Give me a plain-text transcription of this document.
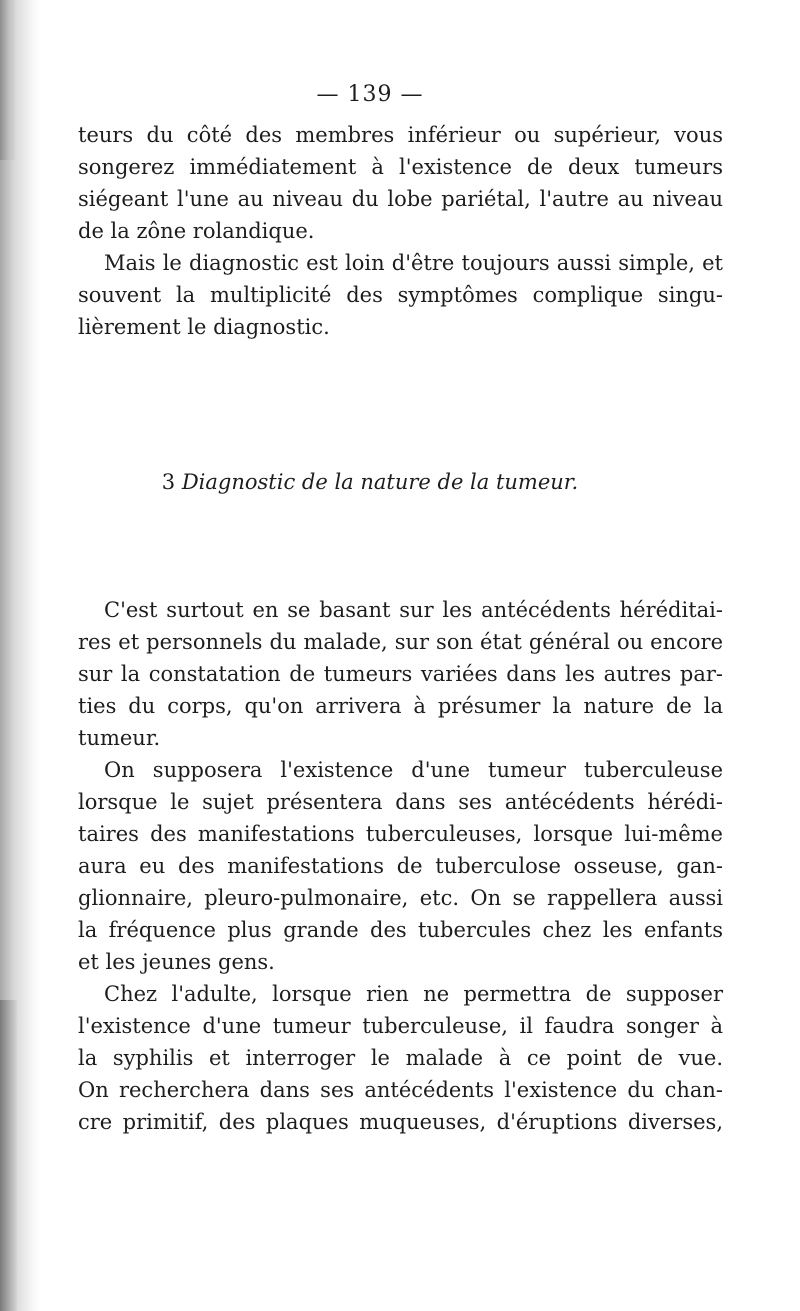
— 139 —
teurs du côté des membres inférieur ou supérieur, vous
songerez immédiatement à l'existence de deux tumeurs
siégeant l'une au niveau du lobe pariétal, l'autre au niveau
de la zône rolandique.
Mais le diagnostic est loin d'être toujours aussi simple, et
souvent la multiplicité des symptômes complique singu-
lièrement le diagnostic.
3 Diagnostic de la nature de la tumeur.
C'est surtout en se basant sur les antécédents héréditai-
res et personnels du malade, sur son état général ou encore
sur la constatation de tumeurs variées dans les autres par-
ties du corps, qu'on arrivera à présumer la nature de la
tumeur.
On supposera l'existence d'une tumeur tuberculeuse
lorsque le sujet présentera dans ses antécédents hérédi-
taires des manifestations tuberculeuses, lorsque lui-même
aura eu des manifestations de tuberculose osseuse, gan-
glionnaire, pleuro-pulmonaire, etc. On se rappellera aussi
la fréquence plus grande des tubercules chez les enfants
et les jeunes gens.
Chez l'adulte, lorsque rien ne permettra de supposer
l'existence d'une tumeur tuberculeuse, il faudra songer à
la syphilis et interroger le malade à ce point de vue.
On recherchera dans ses antécédents l'existence du chan-
cre primitif, des plaques muqueuses, d'éruptions diverses,
